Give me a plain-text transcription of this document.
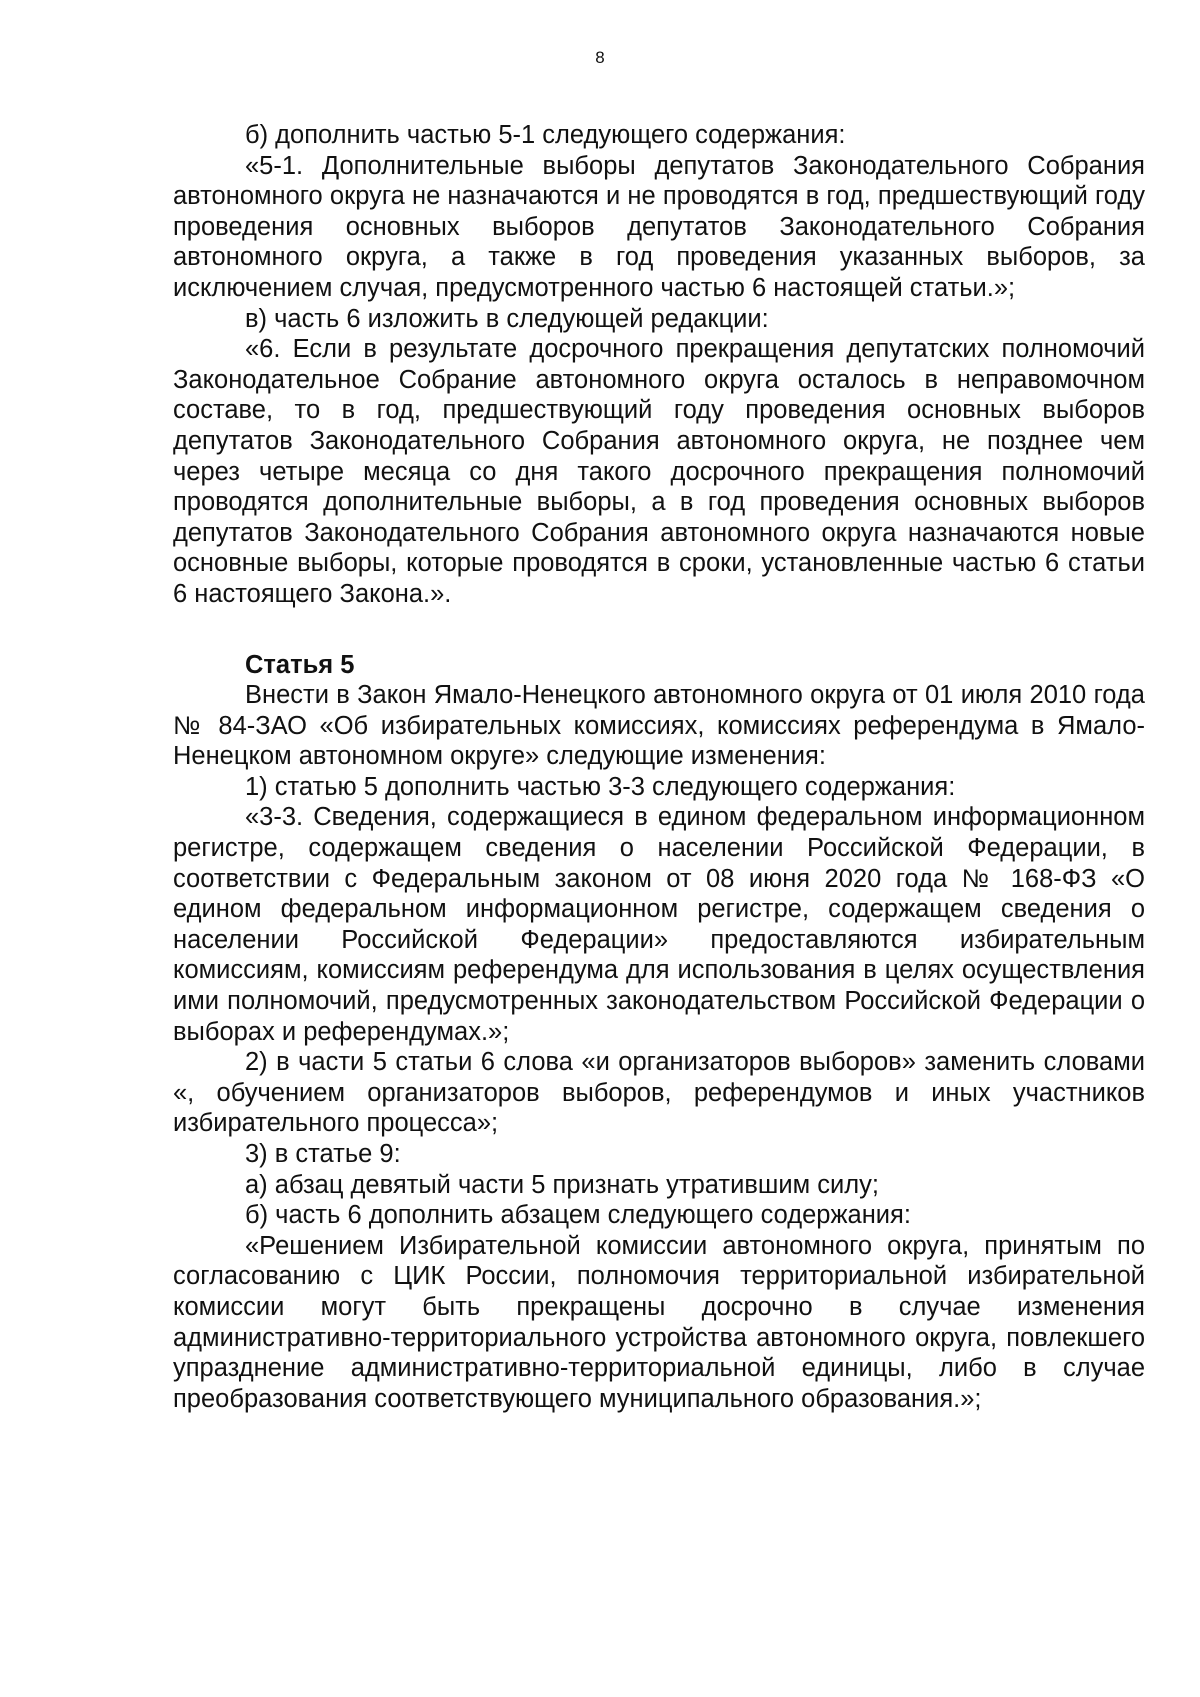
8

б) дополнить частью 5-1 следующего содержания:

«5-1. Дополнительные выборы депутатов Законодательного Собрания автономного округа не назначаются и не проводятся в год, предшествующий году проведения основных выборов депутатов Законодательного Собрания автономного округа, а также в год проведения указанных выборов, за исключением случая, предусмотренного частью 6 настоящей статьи.»;

в) часть 6 изложить в следующей редакции:

«6. Если в результате досрочного прекращения депутатских полномочий Законодательное Собрание автономного округа осталось в неправомочном составе, то в год, предшествующий году проведения основных выборов депутатов Законодательного Собрания автономного округа, не позднее чем через четыре месяца со дня такого досрочного прекращения полномочий проводятся дополнительные выборы, а в год проведения основных выборов депутатов Законодательного Собрания автономного округа назначаются новые основные выборы, которые проводятся в сроки, установленные частью 6 статьи 6 настоящего Закона.».

Статья 5

Внести в Закон Ямало-Ненецкого автономного округа от 01 июля 2010 года № 84-ЗАО «Об избирательных комиссиях, комиссиях референдума в Ямало-Ненецком автономном округе» следующие изменения:

1) статью 5 дополнить частью 3-3 следующего содержания:

«3-3. Сведения, содержащиеся в едином федеральном информационном регистре, содержащем сведения о населении Российской Федерации, в соответствии с Федеральным законом от 08 июня 2020 года № 168-ФЗ «О едином федеральном информационном регистре, содержащем сведения о населении Российской Федерации» предоставляются избирательным комиссиям, комиссиям референдума для использования в целях осуществления ими полномочий, предусмотренных законодательством Российской Федерации о выборах и референдумах.»;

2) в части 5 статьи 6 слова «и организаторов выборов» заменить словами «, обучением организаторов выборов, референдумов и иных участников избирательного процесса»;

3) в статье 9:

а) абзац девятый части 5 признать утратившим силу;

б) часть 6 дополнить абзацем следующего содержания:

«Решением Избирательной комиссии автономного округа, принятым по согласованию с ЦИК России, полномочия территориальной избирательной комиссии могут быть прекращены досрочно в случае изменения административно-территориального устройства автономного округа, повлекшего упразднение административно-территориальной единицы, либо в случае преобразования соответствующего муниципального образования.»;
